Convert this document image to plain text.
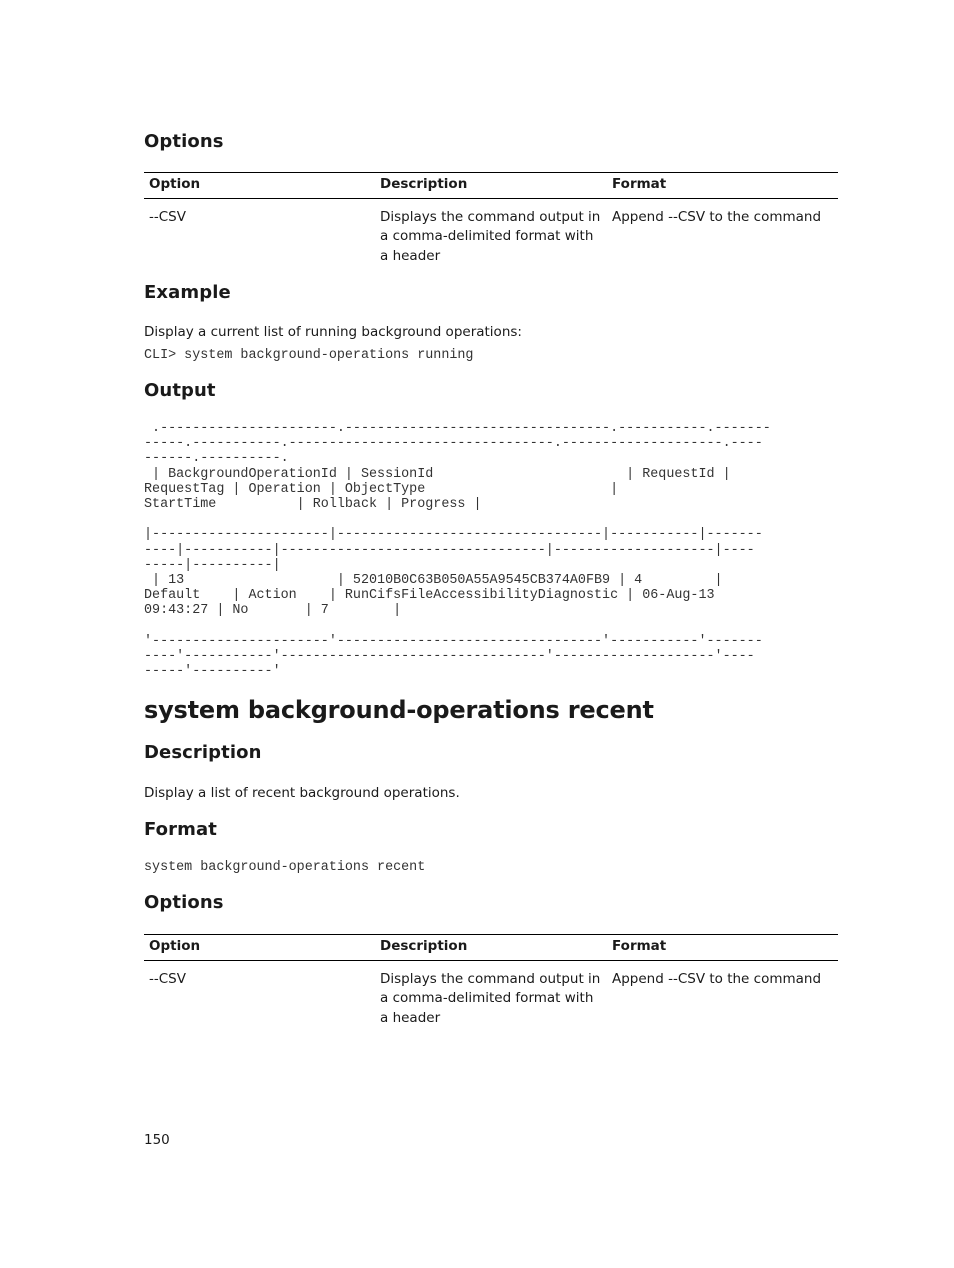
Options
Option	Description	Format
--CSV	Displays the command output in a comma-delimited format with a header	Append --CSV to the command
Example

Display a current list of running background operations:

CLI> system background-operations running

Output
.----------------------.---------------------------------.-----------.-------
-----.-----------.---------------------------------.--------------------.----
------.----------.
| BackgroundOperationId | SessionId                        | RequestId |
RequestTag | Operation | ObjectType                       |
StartTime          | Rollback | Progress |

|----------------------|---------------------------------|-----------|-------
----|-----------|---------------------------------|--------------------|----
-----|----------|
| 13                   | 52010B0C63B050A55A9545CB374A0FB9 | 4         |
Default    | Action    | RunCifsFileAccessibilityDiagnostic | 06-Aug-13
09:43:27 | No       | 7        |

'----------------------'---------------------------------'-----------'-------
----'-----------'---------------------------------'--------------------'----
-----'----------'
system background-operations recent
Description

Display a list of recent background operations.

Format

system background-operations recent

Options
Option	Description	Format
--CSV	Displays the command output in a comma-delimited format with a header	Append --CSV to the command
150
